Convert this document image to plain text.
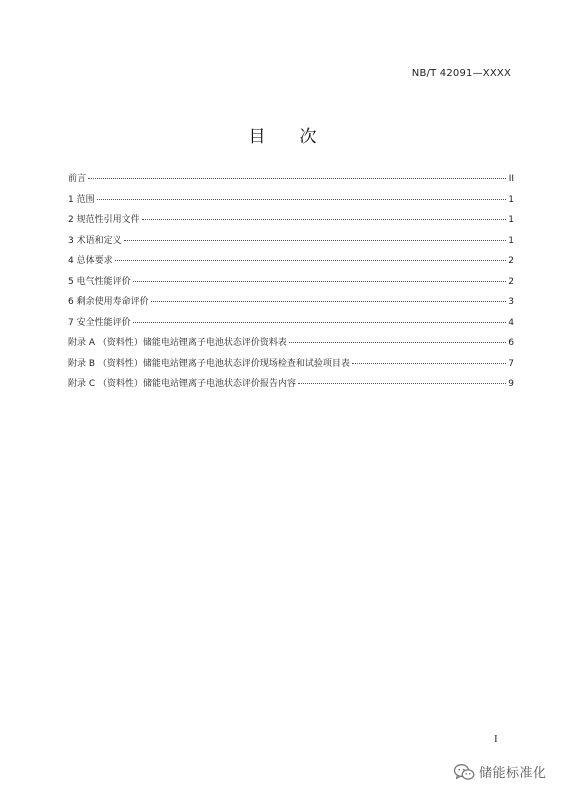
NB/T 42091—XXXX
目次
前言	II
1 范围	1
2 规范性引用文件	1
3 术语和定义	1
4 总体要求	2
5 电气性能评价	2
6 剩余使用寿命评价	3
7 安全性能评价	4
附录 A （资料性）储能电站锂离子电池状态评价资料表	6
附录 B （资料性）储能电站锂离子电池状态评价现场检查和试验项目表	7
附录 C （资料性）储能电站锂离子电池状态评价报告内容	9
I
储能标准化
